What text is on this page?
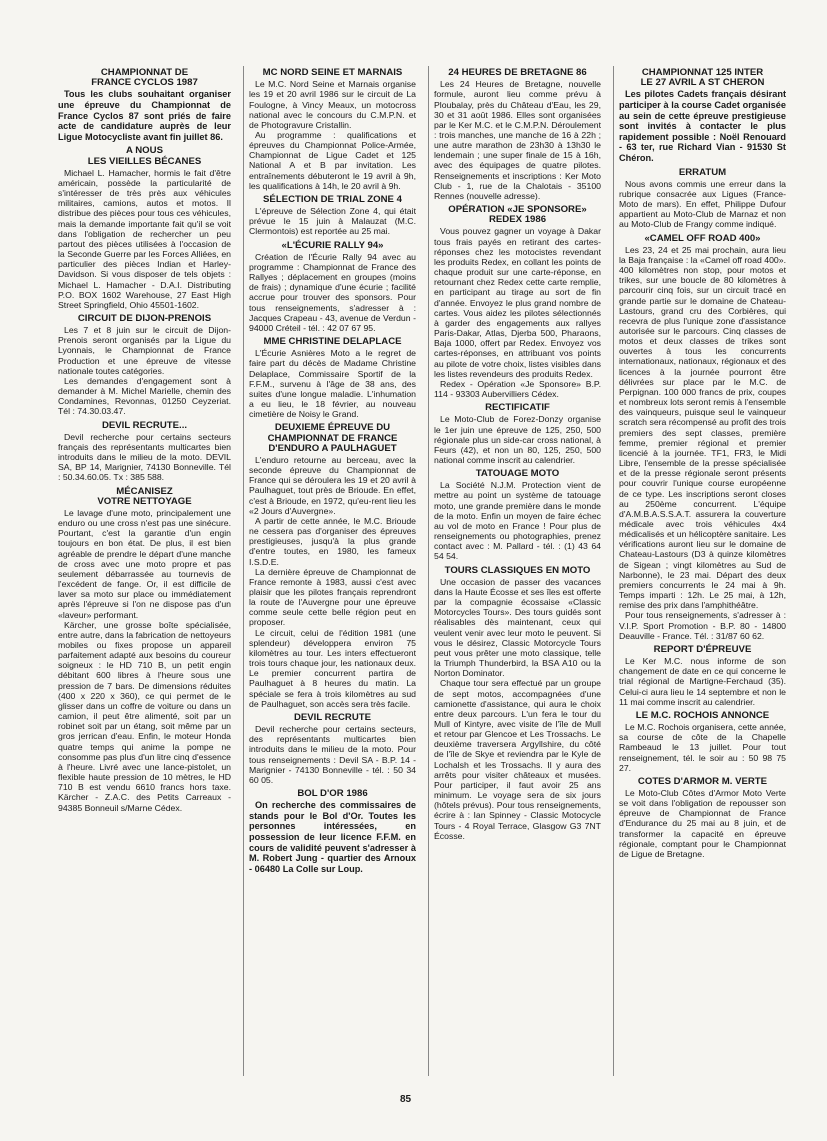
CHAMPIONNAT DE
FRANCE CYCLOS 1987

Tous les clubs souhaitant organiser une épreuve du Championnat de France Cyclos 87 sont priés de faire acte de candidature auprès de leur Ligue Motocycliste avant fin juillet 86.

A NOUS
LES VIEILLES BÉCANES

Michael L. Hamacher, hormis le fait d'être américain, possède la particularité de s'intéresser de très près aux véhicules militaires, camions, autos et motos. Il distribue des pièces pour tous ces véhicules, mais la demande importante fait qu'il se voit dans l'obligation de rechercher un peu partout des pièces utilisées à l'occasion de la Seconde Guerre par les Forces Alliées, en particulier des pièces Indian et Harley-Davidson. Si vous disposer de tels objets : Michael L. Hamacher - D.A.I. Distributing P.O. BOX 1602 Warehouse, 27 East High Street Springfield, Ohio 45501-1602.

CIRCUIT DE DIJON-PRENOIS

Les 7 et 8 juin sur le circuit de Dijon-Prenois seront organisés par la Ligue du Lyonnais, le Championnat de France Production et une épreuve de vitesse nationale toutes catégories.

Les demandes d'engagement sont à demander à M. Michel Marielle, chemin des Condamines, Revonnas, 01250 Ceyzeriat. Tél : 74.30.03.47.

DEVIL RECRUTE...

Devil recherche pour certains secteurs français des représentants multicartes bien introduits dans le milieu de la moto. DEVIL SA, BP 14, Marignier, 74130 Bonneville. Tél : 50.34.60.05. Tx : 385 588.

MÉCANISEZ
VOTRE NETTOYAGE

Le lavage d'une moto, principalement une enduro ou une cross n'est pas une sinécure. Pourtant, c'est la garantie d'un engin toujours en bon état. De plus, il est bien agréable de prendre le départ d'une manche de cross avec une moto propre et pas seulement débarrassée au tournevis de l'excédent de fange. Or, il est difficile de laver sa moto sur place ou immédiatement après l'épreuve si l'on ne dispose pas d'un «laveur» performant.

Kärcher, une grosse boîte spécialisée, entre autre, dans la fabrication de nettoyeurs mobiles ou fixes propose un appareil parfaitement adapté aux besoins du coureur soigneux : le HD 710 B, un petit engin débitant 600 libres à l'heure sous une pression de 7 bars. De dimensions réduites (400 x 220 x 360), ce qui permet de le glisser dans un coffre de voiture ou dans un camion, il peut être alimenté, soit par un robinet soit par un étang, soit même par un gros jerrican d'eau. Enfin, le moteur Honda quatre temps qui anime la pompe ne consomme pas plus d'un litre cinq d'essence à l'heure. Livré avec une lance-pistolet, un flexible haute pression de 10 mètres, le HD 710 B est vendu 6610 francs hors taxe. Kärcher - Z.A.C. des Petits Carreaux - 94385 Bonneuil s/Marne Cédex.

MC NORD SEINE ET MARNAIS

Le M.C. Nord Seine et Marnais organise les 19 et 20 avril 1986 sur le circuit de La Foulogne, à Vincy Meaux, un motocross national avec le concours du C.M.P.N. et de Photogravure Cristallin.

Au programme : qualifications et épreuves du Championnat Police-Armée, Championnat de Ligue Cadet et 125 National A et B par invitation. Les entraînements débuteront le 19 avril à 9h, les qualifications à 14h, le 20 avril à 9h.

SÉLECTION DE TRIAL ZONE 4

L'épreuve de Sélection Zone 4, qui était prévue le 15 juin à Malauzat (M.C. Clermontois) est reportée au 25 mai.

«L'ÉCURIE RALLY 94»

Création de l'Écurie Rally 94 avec au programme : Championnat de France des Rallyes ; déplacement en groupes (moins de frais) ; dynamique d'une écurie ; facilité accrue pour trouver des sponsors. Pour tous renseignements, s'adresser à : Jacques Crapeau - 43, avenue de Verdun - 94000 Créteil - tél. : 42 07 67 95.

MME CHRISTINE DELAPLACE

L'Écurie Asnières Moto a le regret de faire part du décès de Madame Christine Delaplace, Commissaire Sportif de la F.F.M., survenu à l'âge de 38 ans, des suites d'une longue maladie. L'inhumation a eu lieu, le 18 février, au nouveau cimetière de Noisy le Grand.

DEUXIEME ÉPREUVE DU
CHAMPIONNAT DE FRANCE
D'ENDURO A PAULHAGUET

L'enduro retourne au berceau, avec la seconde épreuve du Championnat de France qui se déroulera les 19 et 20 avril à Paulhaguet, tout près de Brioude. En effet, c'est à Brioude, en 1972, qu'eu-rent lieu les «2 Jours d'Auvergne».

A partir de cette année, le M.C. Brioude ne cessera pas d'organiser des épreuves prestigieuses, jusqu'à la plus grande d'entre toutes, en 1980, les fameux I.S.D.E.

La dernière épreuve de Championnat de France remonte à 1983, aussi c'est avec plaisir que les pilotes français reprendront la route de l'Auvergne pour une épreuve comme seule cette belle région peut en proposer.

Le circuit, celui de l'édition 1981 (une splendeur) développera environ 75 kilomètres au tour. Les inters effectueront trois tours chaque jour, les nationaux deux. Le premier concurrent partira de Paulhaguet à 8 heures du matin. La spéciale se fera à trois kilomètres au sud de Paulhaguet, son accès sera très facile.

DEVIL RECRUTE

Devil recherche pour certains secteurs, des représentants multicartes bien introduits dans le milieu de la moto. Pour tous renseignements : Devil SA - B.P. 14 - Marignier - 74130 Bonneville - tél. : 50 34 60 05.

BOL D'OR 1986

On recherche des commissaires de stands pour le Bol d'Or. Toutes les personnes intéressées, en possession de leur licence F.F.M. en cours de validité peuvent s'adresser à M. Robert Jung - quartier des Arnoux - 06480 La Colle sur Loup.

24 HEURES DE BRETAGNE 86

Les 24 Heures de Bretagne, nouvelle formule, auront lieu comme prévu à Ploubalay, près du Château d'Eau, les 29, 30 et 31 août 1986. Elles sont organisées par le Ker M.C. et le C.M.P.N. Déroulement : trois manches, une manche de 16 à 22h ; une autre marathon de 23h30 à 13h30 le lendemain ; une super finale de 15 à 16h, avec des équipages de quatre pilotes. Renseignements et inscriptions : Ker Moto Club - 1, rue de la Chalotais - 35100 Rennes (nouvelle adresse).

OPÉRATION «JE SPONSORE»
REDEX 1986

Vous pouvez gagner un voyage à Dakar tous frais payés en retirant des cartes-réponses chez les motocistes revendant les produits Redex, en collant les points de chaque produit sur une carte-réponse, en retournant chez Redex cette carte remplie, en participant au tirage au sort de fin d'année. Envoyez le plus grand nombre de cartes. Vous aidez les pilotes sélectionnés à garder des engagements aux rallyes Paris-Dakar, Atlas, Djerba 500, Pharaons, Baja 1000, offert par Redex. Envoyez vos cartes-réponses, en attribuant vos points au pilote de votre choix, listes visibles dans les listes revendeurs des produits Redex.

Redex - Opération «Je Sponsore» B.P. 114 - 93303 Aubervilliers Cédex.

RECTIFICATIF

Le Moto-Club de Forez-Donzy organise le 1er juin une épreuve de 125, 250, 500 régionale plus un side-car cross national, à Feurs (42), et non un 80, 125, 250, 500 national comme inscrit au calendrier.

TATOUAGE MOTO

La Société N.J.M. Protection vient de mettre au point un système de tatouage moto, une grande première dans le monde de la moto. Enfin un moyen de faire échec au vol de moto en France ! Pour plus de renseignements ou photographies, prenez contact avec : M. Pallard - tél. : (1) 43 64 54 54.

TOURS CLASSIQUES EN MOTO

Une occasion de passer des vacances dans la Haute Écosse et ses îles est offerte par la compagnie écossaise «Classic Motorcycles Tours». Des tours guidés sont réalisables dès maintenant, ceux qui veulent venir avec leur moto le peuvent. Si vous le désirez, Classic Motorcycle Tours peut vous prêter une moto classique, telle la Triumph Thunderbird, la BSA A10 ou la Norton Dominator.

Chaque tour sera effectué par un groupe de sept motos, accompagnées d'une camionette d'assistance, qui aura le choix entre deux parcours. L'un fera le tour du Mull of Kintyre, avec visite de l'île de Mull et retour par Glencoe et Les Trossachs. Le deuxième traversera Argyllshire, du côté de l'île de Skye et reviendra par le Kyle de Lochalsh et les Trossachs. Il y aura des arrêts pour visiter châteaux et musées. Pour participer, il faut avoir 25 ans minimum. Le voyage sera de six jours (hôtels prévus). Pour tous renseignements, écrire à : Ian Spinney - Classic Motocycle Tours - 4 Royal Terrace, Glasgow G3 7NT Écosse.

CHAMPIONNAT 125 INTER
LE 27 AVRIL A ST CHERON

Les pilotes Cadets français désirant participer à la course Cadet organisée au sein de cette épreuve prestigieuse sont invités à contacter le plus rapidement possible : Noël Renouard - 63 ter, rue Richard Vian - 91530 St Chéron.

ERRATUM

Nous avons commis une erreur dans la rubrique consacrée aux Ligues (France-Moto de mars). En effet, Philippe Dufour appartient au Moto-Club de Marnaz et non au Moto-Club de Frangy comme indiqué.

«CAMEL OFF ROAD 400»

Les 23, 24 et 25 mai prochain, aura lieu la Baja française : la «Camel off road 400». 400 kilomètres non stop, pour motos et trikes, sur une boucle de 80 kilomètres à parcourir cinq fois, sur un circuit tracé en grande partie sur le domaine de Chateau-Lastours, grand cru des Corbières, qui recevra de plus l'unique zone d'assistance autorisée sur le parcours. Cinq classes de motos et deux classes de trikes sont ouvertes à tous les concurrents internationaux, nationaux, régionaux et des licences à la journée pourront être délivrées sur place par le M.C. de Perpignan. 100 000 francs de prix, coupes et nombreux lots seront remis à l'ensemble des vainqueurs, puisque seul le vainqueur scratch sera récompensé au profit des trois premiers des sept classes, première femme, premier régional et premier licencié à la journée. TF1, FR3, le Midi Libre, l'ensemble de la presse spécialisée et de la presse régionale seront présents pour couvrir l'unique course européenne de ce type. Les inscriptions seront closes au 250ème concurrent. L'équipe d'A.M.B.A.S.S.A.T. assurera la couverture médicale avec trois véhicules 4x4 médicalisés et un hélicoptère sanitaire. Les vérifications auront lieu sur le domaine de Chateau-Lastours (D3 à quinze kilomètres de Sigean ; vingt kilomètres au Sud de Narbonne), le 23 mai. Départ des deux premiers concurrents le 24 mai à 9h. Temps imparti : 12h. Le 25 mai, à 12h, remise des prix dans l'amphithéâtre.

Pour tous renseignements, s'adresser à : V.I.P. Sport Promotion - B.P. 80 - 14800 Deauville - France. Tél. : 31/87 60 62.

REPORT D'ÉPREUVE

Le Ker M.C. nous informe de son changement de date en ce qui concerne le trial régional de Martigne-Ferchaud (35). Celui-ci aura lieu le 14 septembre et non le 11 mai comme inscrit au calendrier.

LE M.C. ROCHOIS ANNONCE

Le M.C. Rochois organisera, cette année, sa course de côte de la Chapelle Rambeaud le 13 juillet. Pour tout renseignement, tél. le soir au : 50 98 75 27.

COTES D'ARMOR M. VERTE

Le Moto-Club Côtes d'Armor Moto Verte se voit dans l'obligation de repousser son épreuve de Championnat de France d'Endurance du 25 mai au 8 juin, et de transformer la capacité en épreuve régionale, comptant pour le Championnat de Ligue de Bretagne.

85
